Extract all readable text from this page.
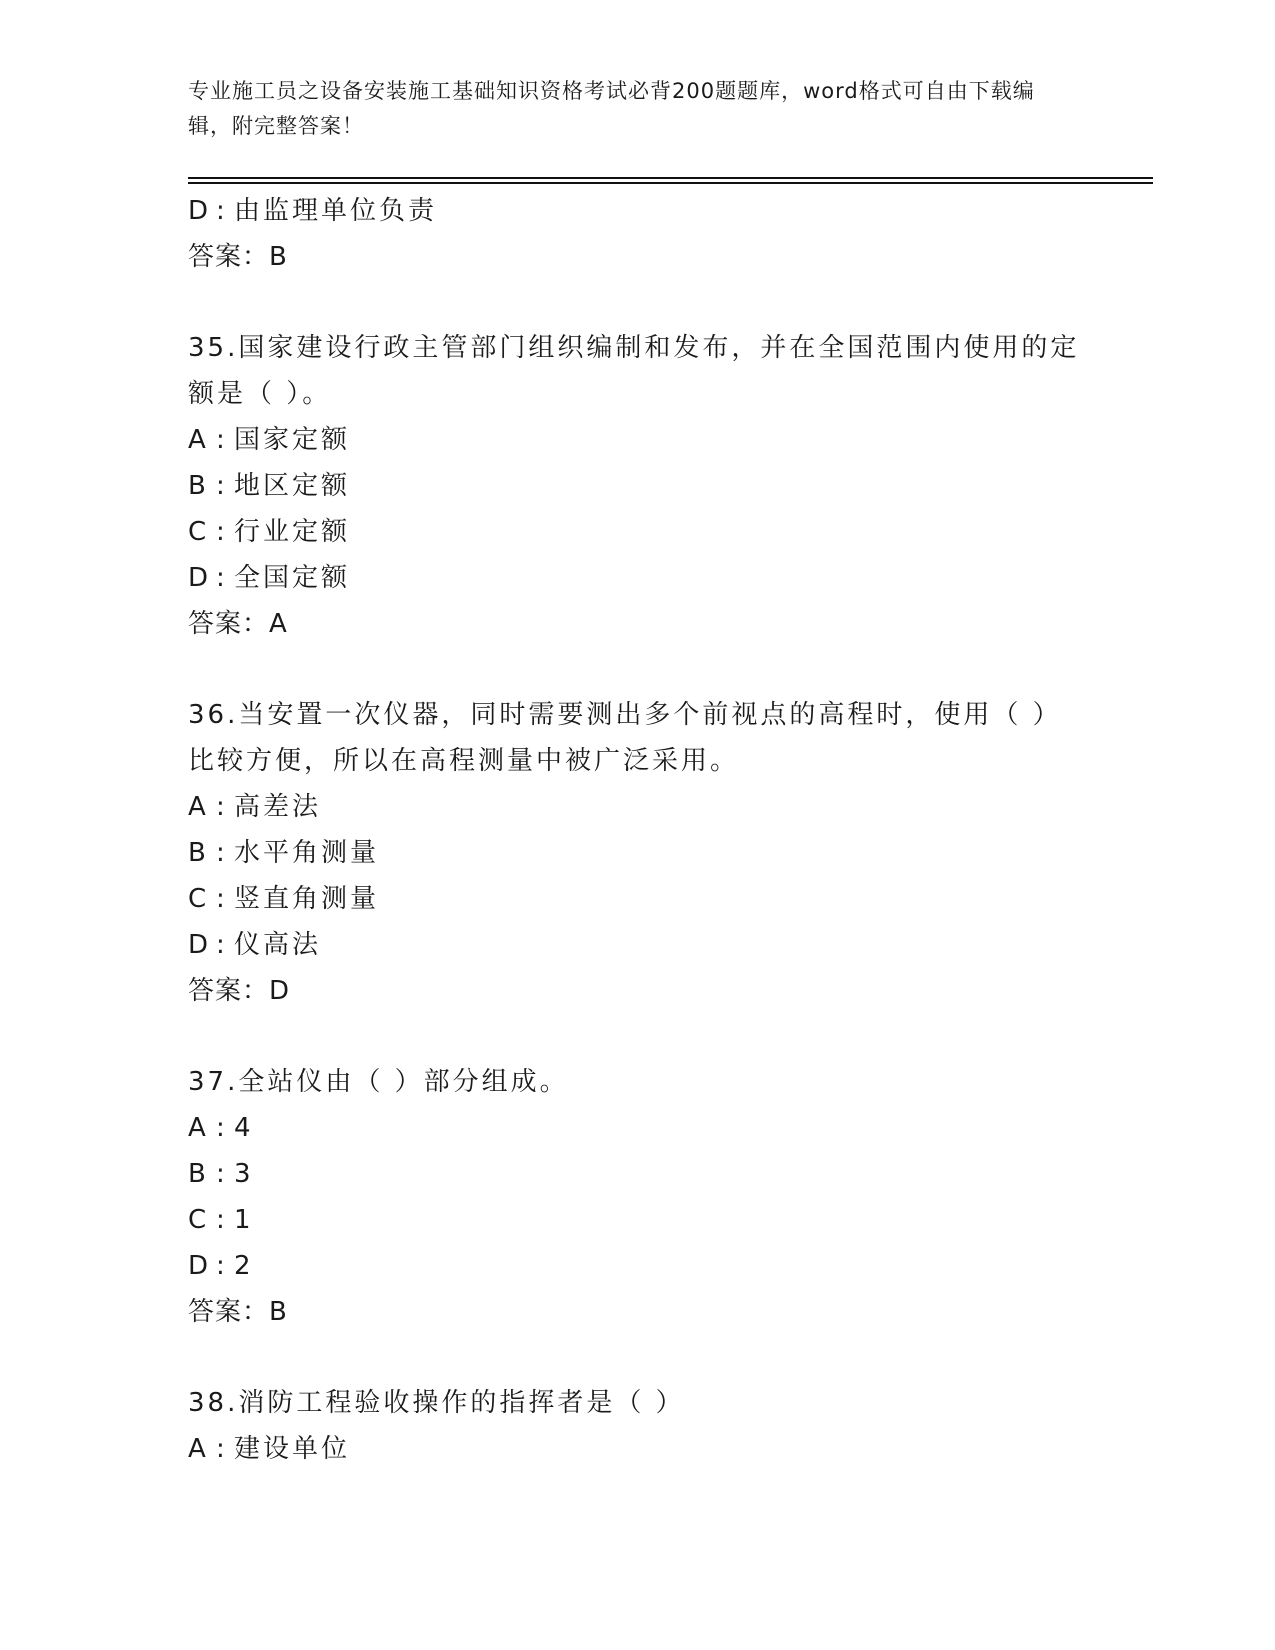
专业施工员之设备安装施工基础知识资格考试必背200题题库，word格式可自由下载编辑，附完整答案！
D : 由监理单位负责
答案：B
35.国家建设行政主管部门组织编制和发布，并在全国范围内使用的定额是（ ）。
A : 国家定额
B : 地区定额
C : 行业定额
D : 全国定额
答案：A
36.当安置一次仪器，同时需要测出多个前视点的高程时，使用（ ）比较方便，所以在高程测量中被广泛采用。
A : 高差法
B : 水平角测量
C : 竖直角测量
D : 仪高法
答案：D
37.全站仪由（ ）部分组成。
A : 4
B : 3
C : 1
D : 2
答案：B
38.消防工程验收操作的指挥者是（ ）
A : 建设单位
